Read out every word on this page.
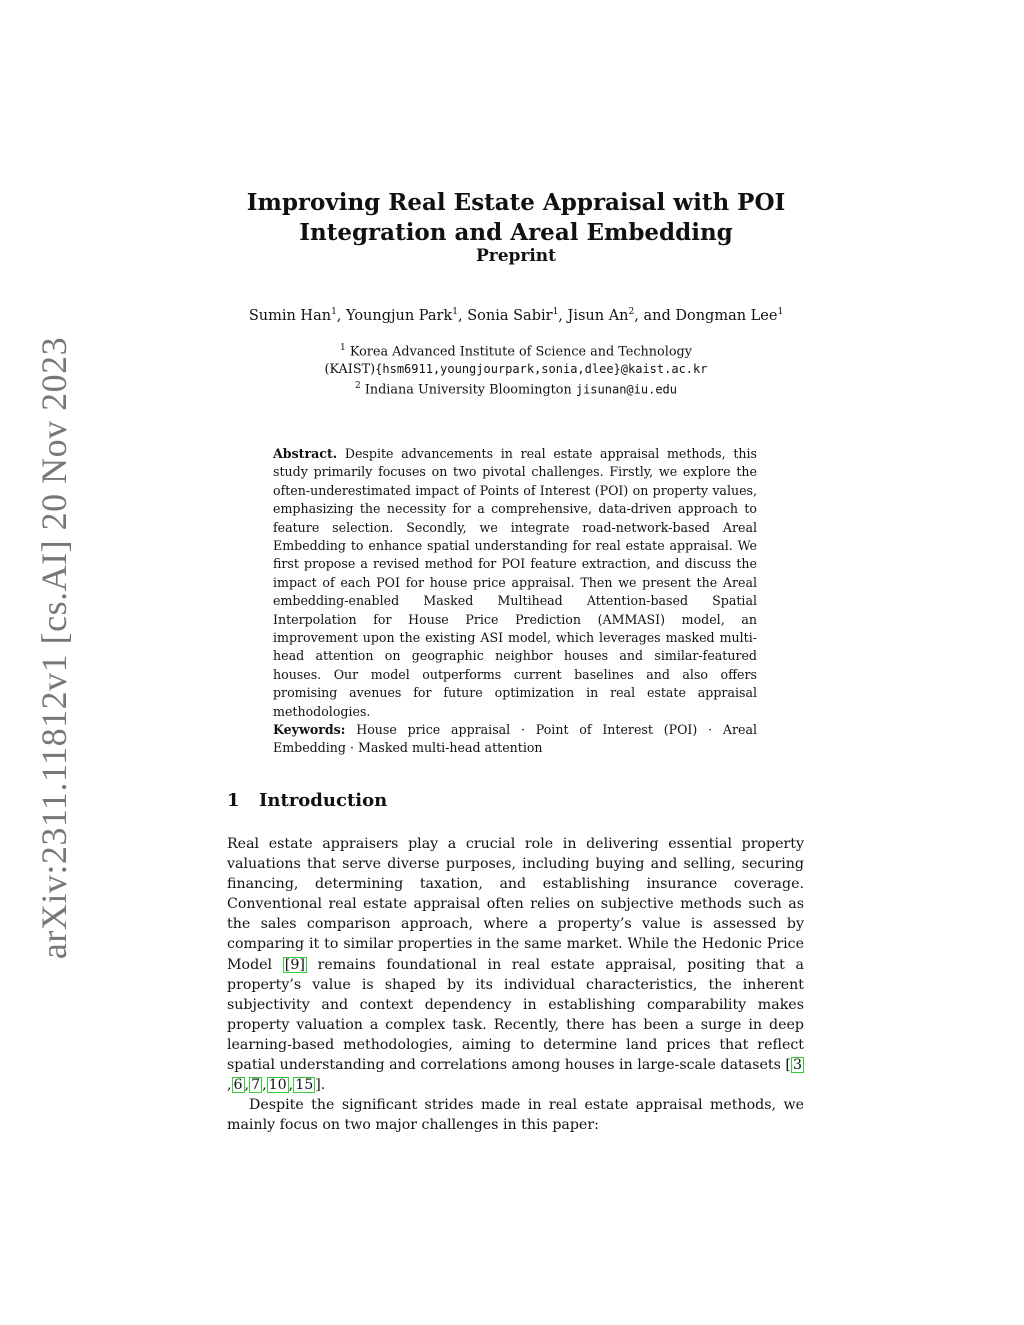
arXiv:2311.11812v1 [cs.AI] 20 Nov 2023
Improving Real Estate Appraisal with POI
Integration and Areal Embedding
Preprint
Sumin Han$^1$, Youngjun Park$^1$, Sonia Sabir$^1$, Jisun An$^2$, and Dongman Lee$^1$
$^1$ Korea Advanced Institute of Science and Technology
(KAIST){hsm6911,youngjourpark,sonia,dlee}@kaist.ac.kr
$^2$ Indiana University Bloomington jisunan@iu.edu

Abstract. Despite advancements in real estate appraisal methods, this study primarily focuses on two pivotal challenges. Firstly, we explore the often-underestimated impact of Points of Interest (POI) on property values, emphasizing the necessity for a comprehensive, data-driven approach to feature selection. Secondly, we integrate road-network-based Areal Embedding to enhance spatial understanding for real estate appraisal. We first propose a revised method for POI feature extraction, and discuss the impact of each POI for house price appraisal. Then we present the Areal embedding-enabled Masked Multihead Attention-based Spatial Interpolation for House Price Prediction (AMMASI) model, an improvement upon the existing ASI model, which leverages masked multi-head attention on geographic neighbor houses and similar-featured houses. Our model outperforms current baselines and also offers promising avenues for future optimization in real estate appraisal methodologies.

Keywords: House price appraisal · Point of Interest (POI) · Areal Embedding · Masked multi-head attention
1 Introduction

Real estate appraisers play a crucial role in delivering essential property valuations that serve diverse purposes, including buying and selling, securing financing, determining taxation, and establishing insurance coverage. Conventional real estate appraisal often relies on subjective methods such as the sales comparison approach, where a property’s value is assessed by comparing it to similar properties in the same market. While the Hedonic Price Model [9] remains foundational in real estate appraisal, positing that a property’s value is shaped by its individual characteristics, the inherent subjectivity and context dependency in establishing comparability makes property valuation a complex task. Recently, there has been a surge in deep learning-based methodologies, aiming to determine land prices that reflect spatial understanding and correlations among houses in large-scale datasets [ 3, 6 , 7 , 10 , 15 ].

Despite the significant strides made in real estate appraisal methods, we mainly focus on two major challenges in this paper:
